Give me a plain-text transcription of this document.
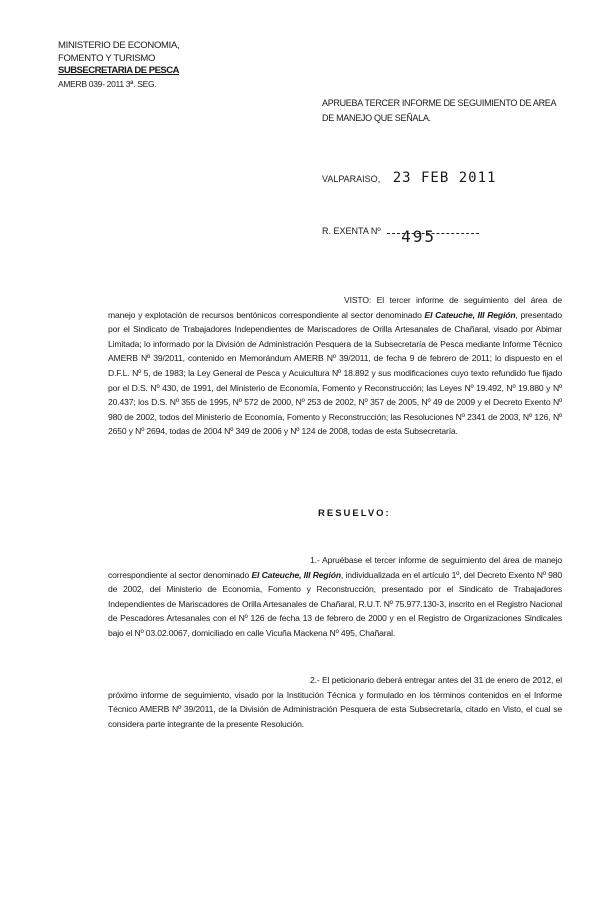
MINISTERIO DE ECONOMIA,
FOMENTO Y TURISMO
SUBSECRETARIA DE PESCA
AMERB 039- 2011 3ª. SEG.
APRUEBA TERCER INFORME DE SEGUIMIENTO DE AREA
DE MANEJO QUE SEÑALA.
VALPARAISO, 23 FEB 2011
R. EXENTA Nº 495
VISTO: El tercer informe de seguimiento del área de manejo y explotación de recursos bentónicos correspondiente al sector denominado El Cateuche, III Región, presentado por el Sindicato de Trabajadores Independientes de Mariscadores de Orilla Artesanales de Chañaral, visado por Abimar Limitada; lo informado por la División de Administración Pesquera de la Subsecretaría de Pesca mediante Informe Técnico AMERB Nº 39/2011, contenido en Memorándum AMERB Nº 39/2011, de fecha 9 de febrero de 2011; lo dispuesto en el D.F.L. Nº 5, de 1983; la Ley General de Pesca y Acuicultura Nº 18.892 y sus modificaciones cuyo texto refundido fue fijado por el D.S. Nº 430, de 1991, del Ministerio de Economía, Fomento y Reconstrucción; las Leyes Nº 19.492, Nº 19.880 y Nº 20.437; los D.S. Nº 355 de 1995, Nº 572 de 2000, Nº 253 de 2002, Nº 357 de 2005, Nº 49 de 2009 y el Decreto Exento Nº 980 de 2002, todos del Ministerio de Economía, Fomento y Reconstrucción; las Resoluciones Nº 2341 de 2003, Nº 126, Nº 2650 y Nº 2694, todas de 2004 Nº 349 de 2006 y Nº 124 de 2008, todas de esta Subsecretaría.
RESUELVO:
1.- Apruébase el tercer informe de seguimiento del área de manejo correspondiente al sector denominado El Cateuche, III Región, individualizada en el artículo 1º, del Decreto Exento Nº 980 de 2002, del Ministerio de Economía, Fomento y Reconstrucción, presentado por el Sindicato de Trabajadores Independientes de Mariscadores de Orilla Artesanales de Chañaral, R.U.T. Nº 75.977.130-3, inscrito en el Registro Nacional de Pescadores Artesanales con el Nº 126 de fecha 13 de febrero de 2000 y en el Registro de Organizaciones Sindicales bajo el Nº 03.02.0067, domiciliado en calle Vicuña Mackena Nº 495, Chañaral.
2.- El peticionario deberá entregar antes del 31 de enero de 2012, el próximo informe de seguimiento, visado por la Institución Técnica y formulado en los términos contenidos en el Informe Técnico AMERB Nº 39/2011, de la División de Administración Pesquera de esta Subsecretaría, citado en Visto, el cual se considera parte integrante de la presente Resolución.
